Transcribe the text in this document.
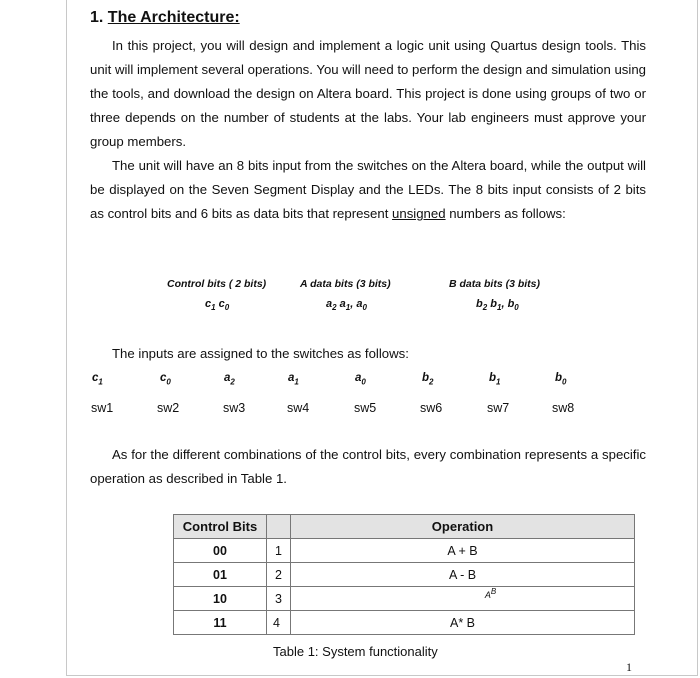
1. The Architecture:
In this project, you will design and implement a logic unit using Quartus design tools. This unit will implement several operations. You will need to perform the design and simulation using the tools, and download the design on Altera board. This project is done using groups of two or three depends on the number of students at the labs. Your lab engineers must approve your group members.
The unit will have an 8 bits input from the switches on the Altera board, while the output will be displayed on the Seven Segment Display and the LEDs. The 8 bits input consists of 2 bits as control bits and 6 bits as data bits that represent unsigned numbers as follows:
Control bits ( 2 bits)	A data bits (3 bits)	B data bits (3 bits)
$c_1$ $c_0$	$a_2$ $a_1$, $a_0$	$b_2$ $b_1$, $b_0$
The inputs are assigned to the switches as follows:
$c_1$	$c_0$	$a_2$	$a_1$	$a_0$	$b_2$	$b_1$	$b_0$
sw1	sw2	sw3	sw4	sw5	sw6	sw7	sw8
As for the different combinations of the control bits, every combination represents a specific operation as described in Table 1.
Control Bits		Operation
00	1	A + B
01	2	A - B
10	3	$^{A^B}$
11	4	A* B
Table 1: System functionality
1
